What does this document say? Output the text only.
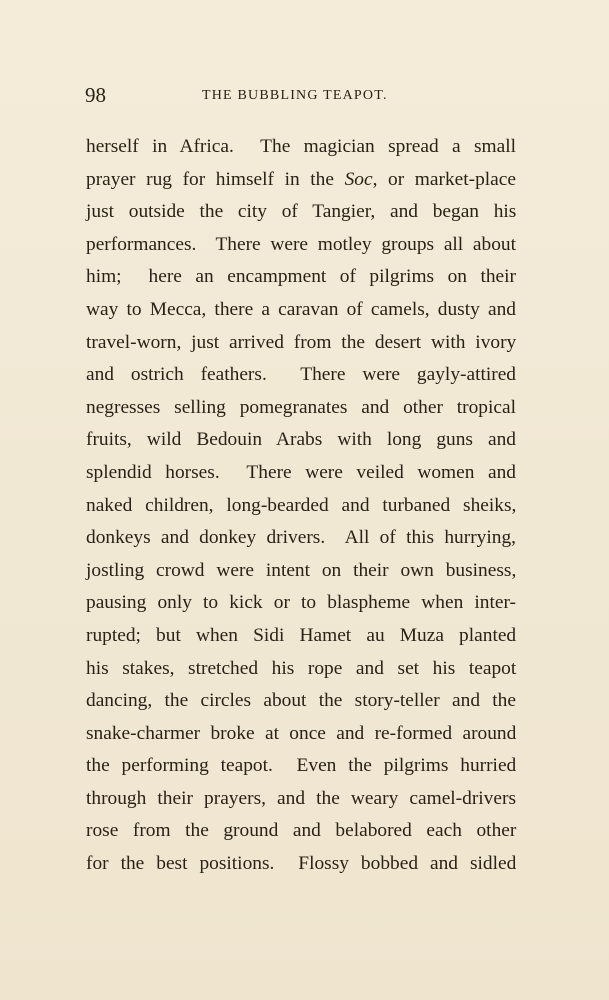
98	THE BUBBLING TEAPOT.
herself in Africa.  The magician spread a small
prayer rug for himself in the Soc, or market-place
just outside the city of Tangier, and began his
performances.  There were motley groups all about
him;  here an encampment of pilgrims on their
way to Mecca, there a caravan of camels, dusty and
travel-worn, just arrived from the desert with ivory
and ostrich feathers.  There were gayly-attired
negresses selling pomegranates and other tropical
fruits, wild Bedouin Arabs with long guns and
splendid horses.  There were veiled women and
naked children, long-bearded and turbaned sheiks,
donkeys and donkey drivers.  All of this hurrying,
jostling crowd were intent on their own business,
pausing only to kick or to blaspheme when inter-
rupted; but when Sidi Hamet au Muza planted
his stakes, stretched his rope and set his teapot
dancing, the circles about the story-teller and the
snake-charmer broke at once and re-formed around
the performing teapot.  Even the pilgrims hurried
through their prayers, and the weary camel-drivers
rose from the ground and belabored each other
for the best positions.  Flossy bobbed and sidled
